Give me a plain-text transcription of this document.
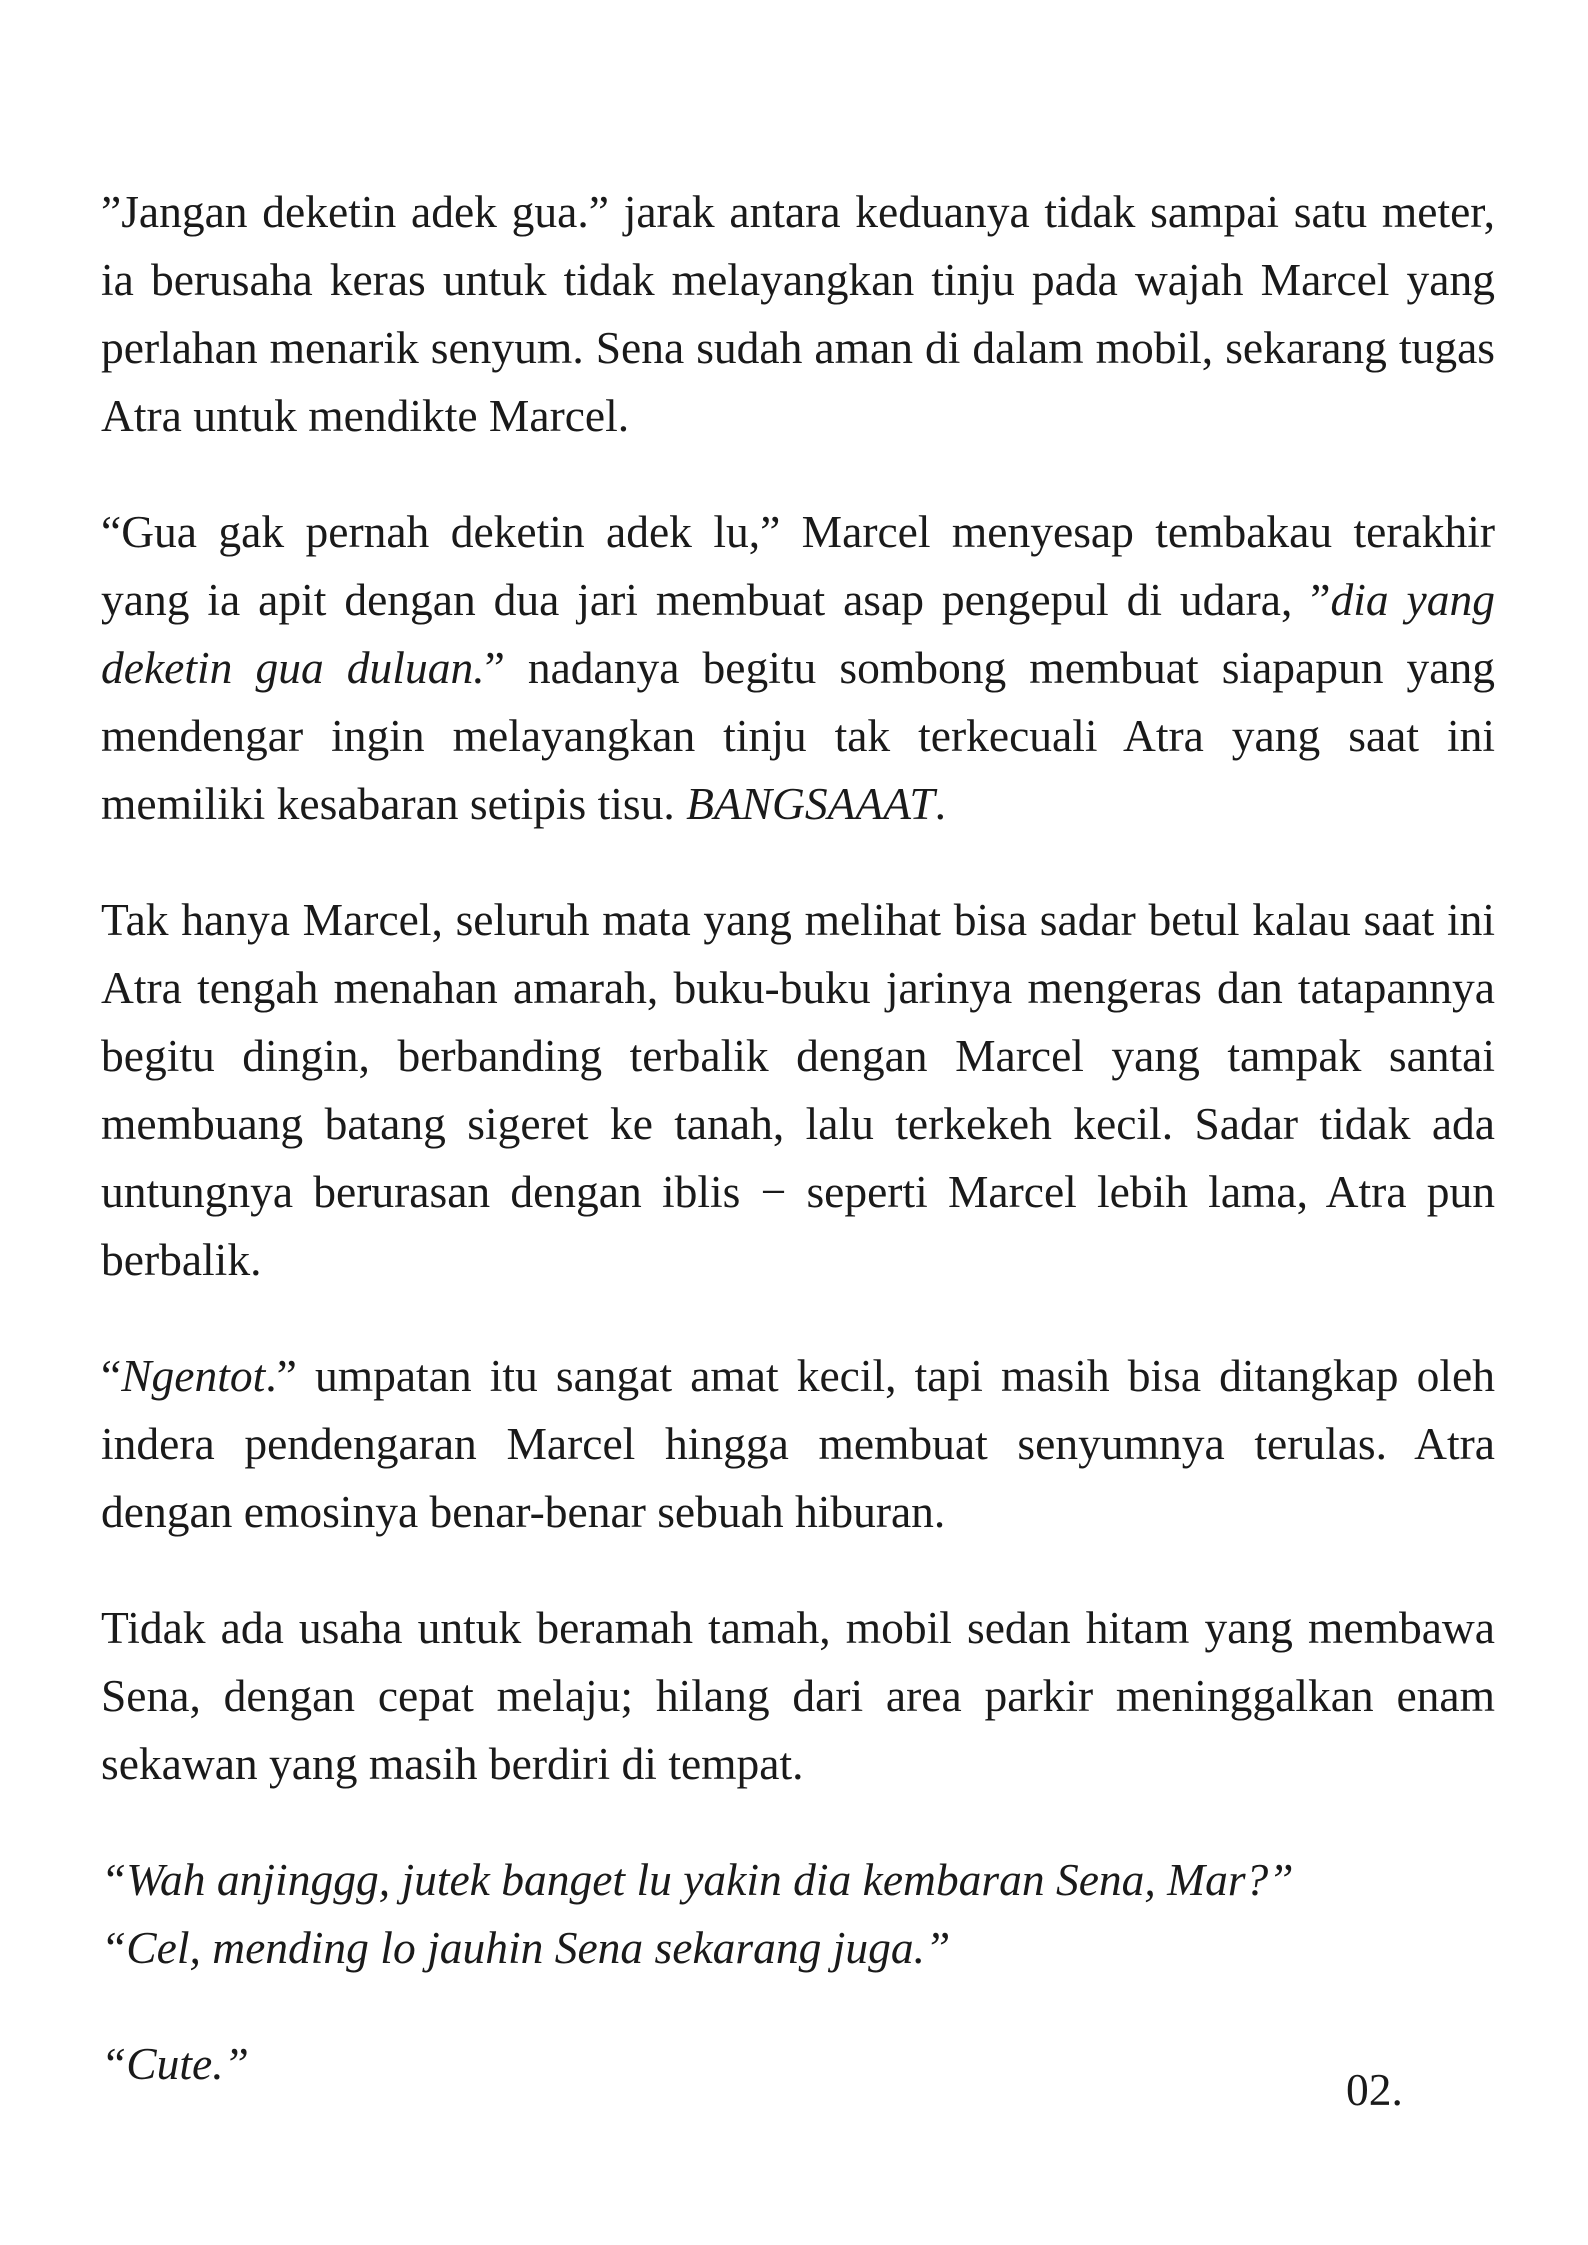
”Jangan deketin adek gua.” jarak antara keduanya tidak sampai satu meter, ia berusaha keras untuk tidak melayangkan tinju pada wajah Marcel yang perlahan menarik senyum. Sena sudah aman di dalam mobil, sekarang tugas Atra untuk mendikte Marcel.

“Gua gak pernah deketin adek lu,” Marcel menyesap tembakau terakhir yang ia apit dengan dua jari membuat asap pengepul di udara, ”dia yang deketin gua duluan.” nadanya begitu sombong membuat siapapun yang mendengar ingin melayangkan tinju tak terkecuali Atra yang saat ini memiliki kesabaran setipis tisu. BANGSAAAT.

Tak hanya Marcel, seluruh mata yang melihat bisa sadar betul kalau saat ini Atra tengah menahan amarah, buku-buku jarinya mengeras dan tatapannya begitu dingin, berbanding terbalik dengan Marcel yang tampak santai membuang batang sigeret ke tanah, lalu terkekeh kecil. Sadar tidak ada untungnya berurasan dengan iblis − seperti Marcel lebih lama, Atra pun berbalik.

“Ngentot.” umpatan itu sangat amat kecil, tapi masih bisa ditangkap oleh indera pendengaran Marcel hingga membuat senyumnya terulas. Atra dengan emosinya benar-benar sebuah hiburan.

Tidak ada usaha untuk beramah tamah, mobil sedan hitam yang membawa Sena, dengan cepat melaju; hilang dari area parkir meninggalkan enam sekawan yang masih berdiri di tempat.

“Wah anjinggg, jutek banget lu yakin dia kembaran Sena, Mar?”

“Cel, mending lo jauhin Sena sekarang juga.”

“Cute.”

02.
